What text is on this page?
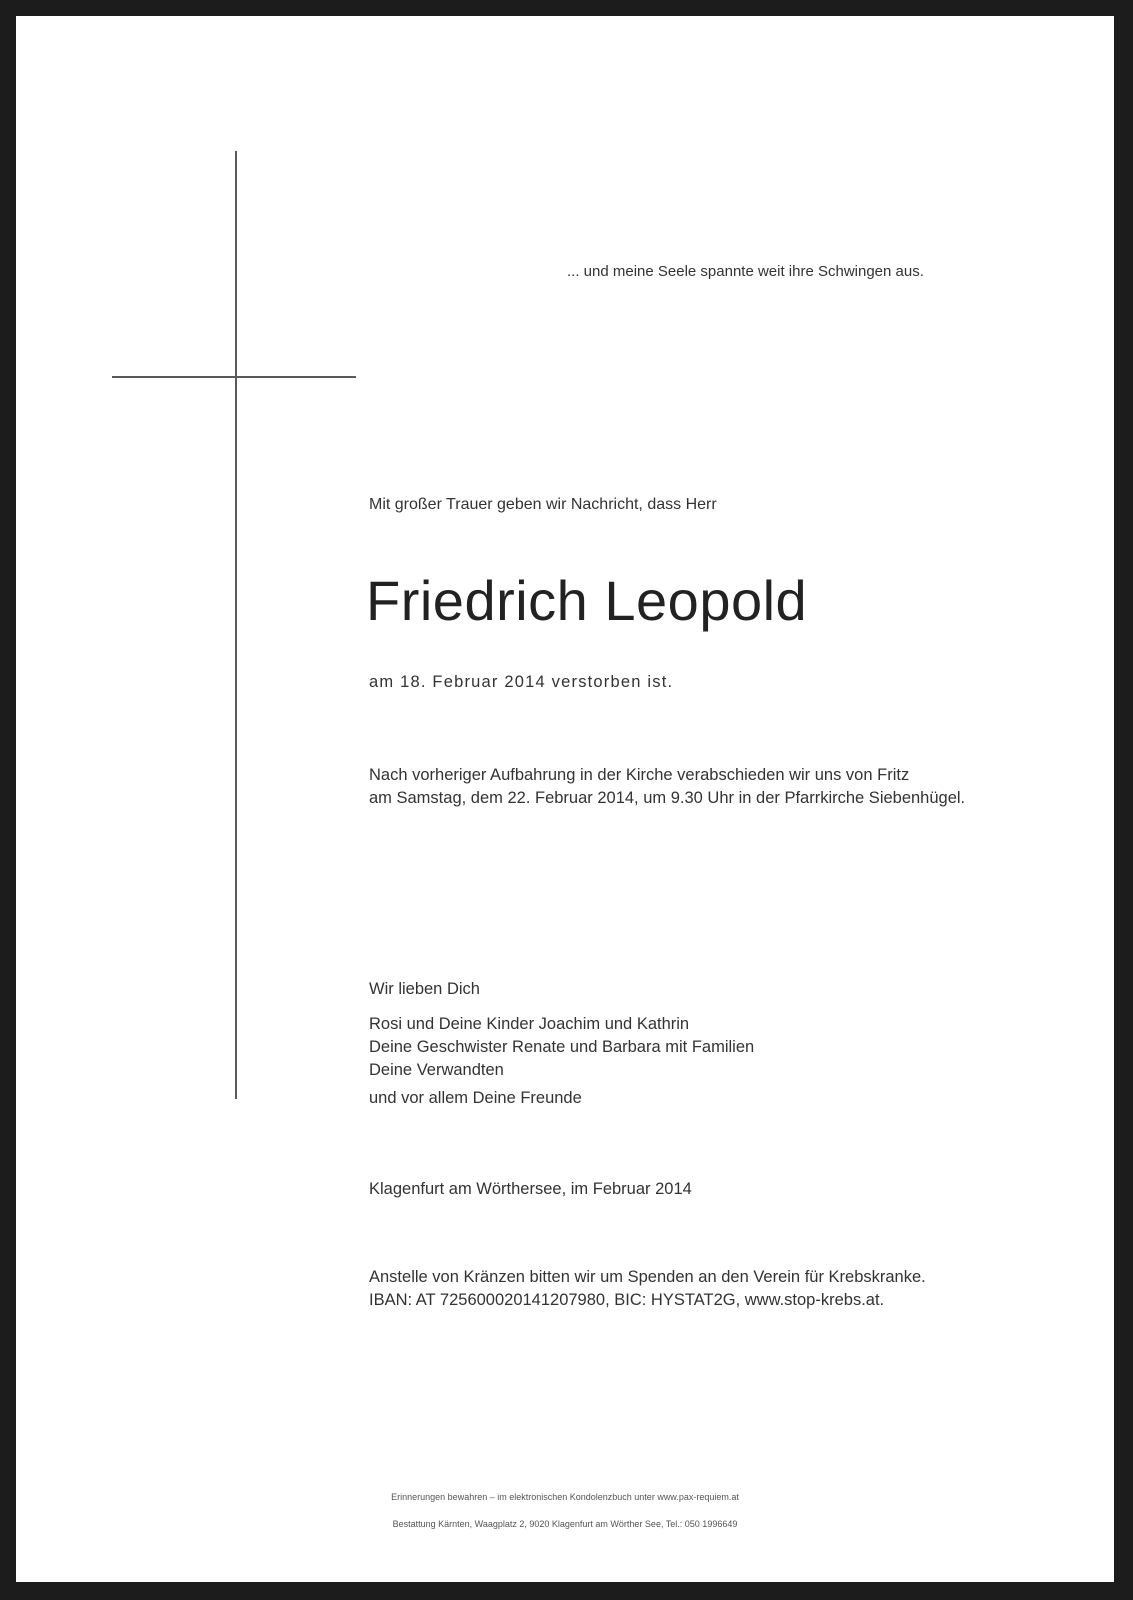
... und meine Seele spannte weit ihre Schwingen aus.
Mit großer Trauer geben wir Nachricht, dass Herr
Friedrich Leopold
am 18. Februar 2014 verstorben ist.
Nach vorheriger Aufbahrung in der Kirche verabschieden wir uns von Fritz
am Samstag, dem 22. Februar 2014, um 9.30 Uhr in der Pfarrkirche Siebenhügel.
Wir lieben Dich
Rosi und Deine Kinder Joachim und Kathrin
Deine Geschwister Renate und Barbara mit Familien
Deine Verwandten
und vor allem Deine Freunde
Klagenfurt am Wörthersee, im Februar 2014
Anstelle von Kränzen bitten wir um Spenden an den Verein für Krebskranke.
IBAN: AT 725600020141207980, BIC: HYSTAT2G, www.stop-krebs.at.
Erinnerungen bewahren – im elektronischen Kondolenzbuch unter www.pax-requiem.at
Bestattung Kärnten, Waagplatz 2, 9020 Klagenfurt am Wörther See, Tel.: 050 1996649
